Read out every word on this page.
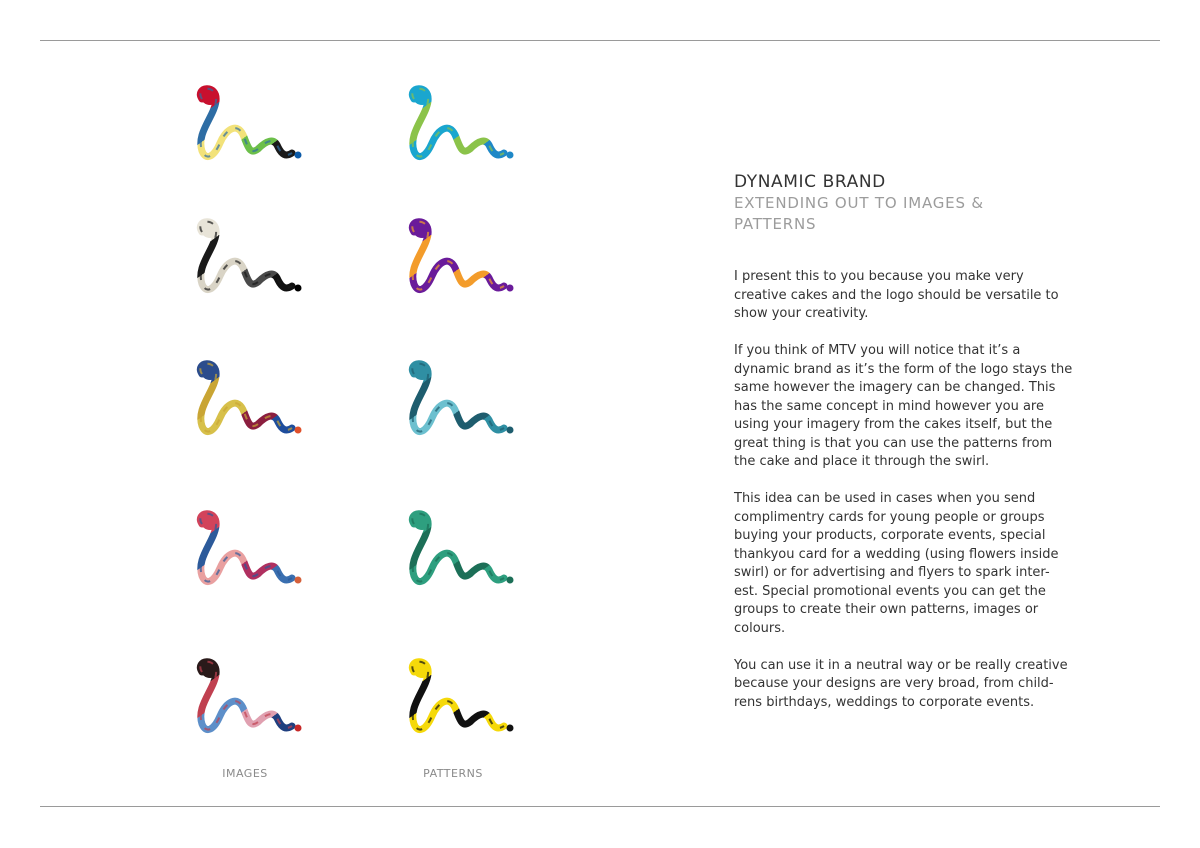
IMAGES	PATTERNS
DYNAMIC BRAND
EXTENDING OUT TO IMAGES & PATTERNS

I present this to you because you make very creative cakes and the logo should be versatile to show your creativity.

If you think of MTV you will notice that it’s a dynamic brand as it’s the form of the logo stays the same however the imagery can be changed. This has the same concept in mind however you are using your imagery from the cakes itself, but the great thing is that you can use the patterns from the cake and place it through the swirl.

This idea can be used in cases when you send complimentry cards for young people or groups buying your products, corporate events, special thankyou card for a wedding (using flowers inside swirl) or for advertising and flyers to spark inter- est. Special promotional events you can get the groups to create their own patterns, images or colours.

You can use it in a neutral way or be really creative because your designs are very broad, from child- rens birthdays, weddings to corporate events.
